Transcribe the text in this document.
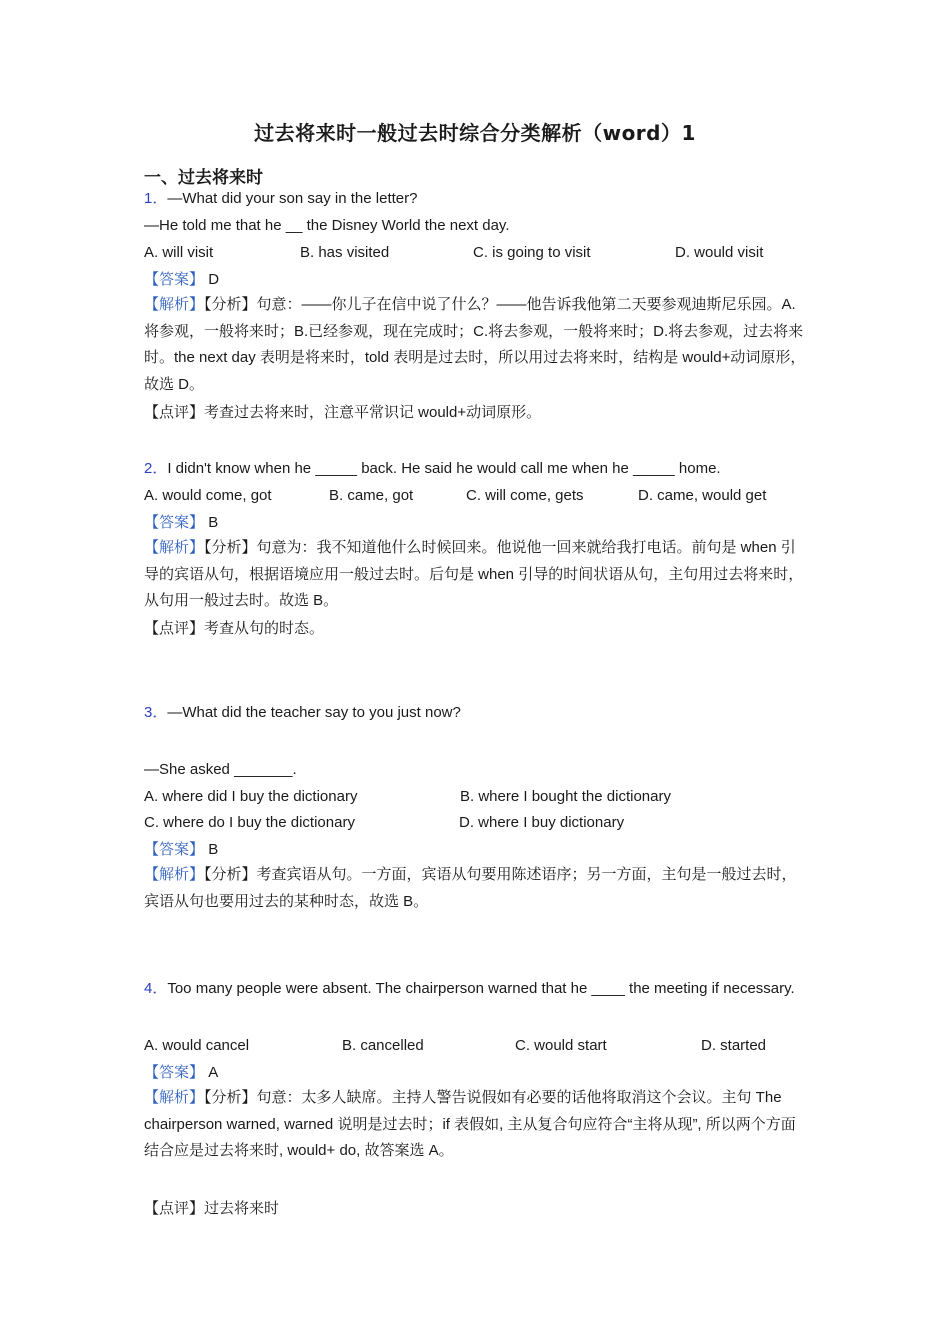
过去将来时一般过去时综合分类解析（word）1
一、过去将来时
1．—What did your son say in the letter?
—He told me that he __ the Disney World the next day.
A. will visit	B. has visited	C. is going to visit	D. would visit
【答案】 D
【解析】【分析】句意：——你儿子在信中说了什么？——他告诉我他第二天要参观迪斯尼乐园。A.将参观，一般将来时；B.已经参观，现在完成时；C.将去参观，一般将来时；D.将去参观，过去将来时。the next day 表明是将来时，told 表明是过去时，所以用过去将来时，结构是 would+动词原形，故选 D。
【点评】考查过去将来时，注意平常识记 would+动词原形。
2．I didn't know when he _____ back. He said he would call me when he _____ home.
A. would come, got	B. came, got	C. will come, gets	D. came, would get
【答案】 B
【解析】【分析】句意为：我不知道他什么时候回来。他说他一回来就给我打电话。前句是 when 引导的宾语从句，根据语境应用一般过去时。后句是 when 引导的时间状语从句，主句用过去将来时，从句用一般过去时。故选 B。
【点评】考查从句的时态。
3．—What did the teacher say to you just now?
—She asked _______.
A. where did I buy the dictionary	B. where I bought the dictionary
C. where do I buy the dictionary	D. where I buy dictionary
【答案】 B
【解析】【分析】考查宾语从句。一方面，宾语从句要用陈述语序；另一方面，主句是一般过去时，宾语从句也要用过去的某种时态，故选 B。
4．Too many people were absent. The chairperson warned that he ____ the meeting if necessary.
A. would cancel	B. cancelled	C. would start	D. started
【答案】 A
【解析】【分析】句意：太多人缺席。主持人警告说假如有必要的话他将取消这个会议。主句 The chairperson warned, warned 说明是过去时；if 表假如, 主从复合句应符合“主将从现”, 所以两个方面结合应是过去将来时, would+ do, 故答案选 A。
【点评】过去将来时
